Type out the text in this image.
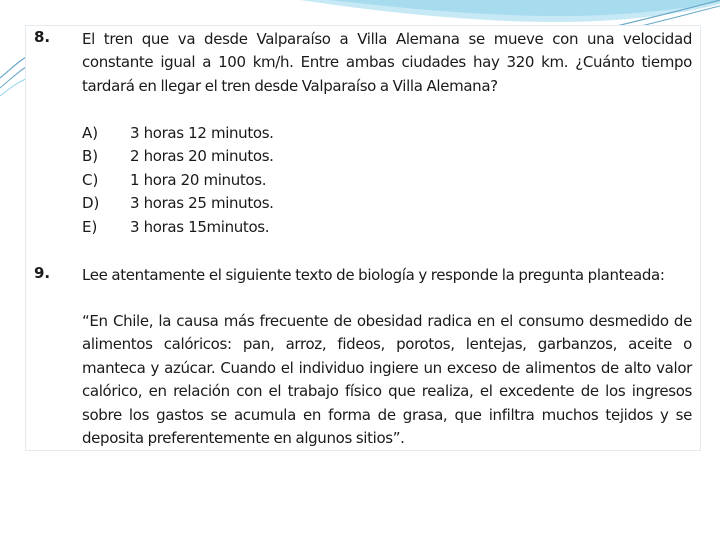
8. El tren que va desde Valparaíso a Villa Alemana se mueve con una velocidad constante igual a 100 km/h. Entre ambas ciudades hay 320 km. ¿Cuánto tiempo tardará en llegar el tren desde Valparaíso a Villa Alemana?
A) 3 horas 12 minutos.
B) 2 horas 20 minutos.
C) 1 hora 20 minutos.
D) 3 horas 25 minutos.
E) 3 horas 15minutos.
9. Lee atentamente el siguiente texto de biología y responde la pregunta planteada:
“En Chile, la causa más frecuente de obesidad radica en el consumo desmedido de alimentos calóricos: pan, arroz, fideos, porotos, lentejas, garbanzos, aceite o manteca y azúcar. Cuando el individuo ingiere un exceso de alimentos de alto valor calórico, en relación con el trabajo físico que realiza, el excedente de los ingresos sobre los gastos se acumula en forma de grasa, que infiltra muchos tejidos y se deposita preferentemente en algunos sitios”.
